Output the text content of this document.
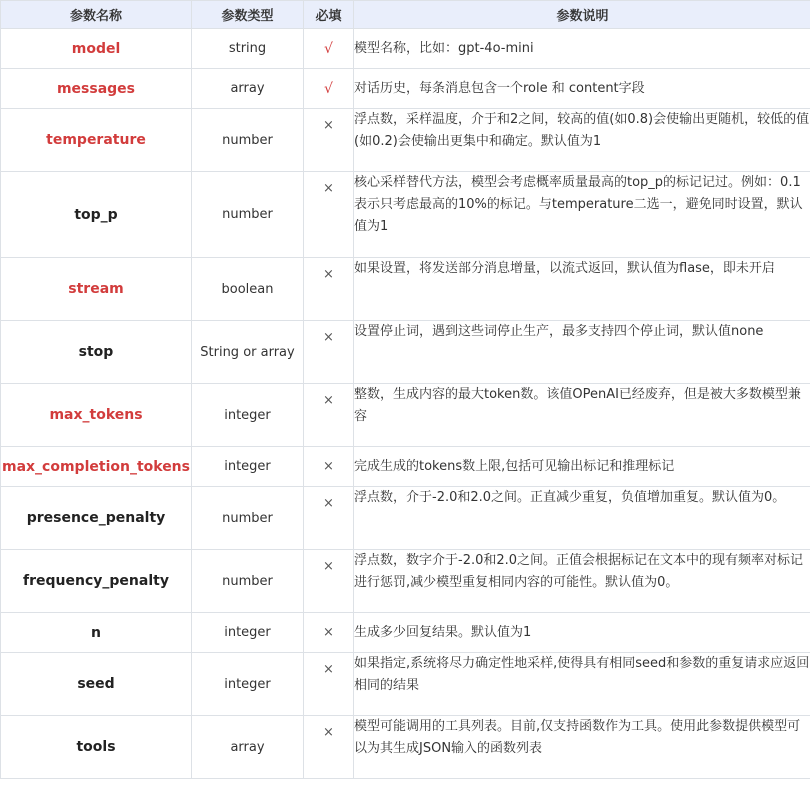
参数名称	参数类型	必填	参数说明
model	string	√	模型名称，比如：gpt-4o-mini
messages	array	√	对话历史，每条消息包含一个role 和 content字段
temperature	number	×	浮点数，采样温度，介于和2之间，较高的值(如0.8)会使输出更随机，较低的值(如0.2)会使输出更集中和确定。默认值为1
top_p	number	×	核心采样替代方法，模型会考虑概率质量最高的top_p的标记记过。例如：0.1表示只考虑最高的10%的标记。与temperature二选一，避免同时设置，默认值为1
stream	boolean	×	如果设置，将发送部分消息增量，以流式返回，默认值为flase，即未开启
stop	String or array	×	设置停止词，遇到这些词停止生产，最多支持四个停止词，默认值none
max_tokens	integer	×	整数，生成内容的最大token数。该值OPenAI已经废弃，但是被大多数模型兼容
max_completion_tokens	integer	×	完成生成的tokens数上限,包括可见输出标记和推理标记
presence_penalty	number	×	浮点数，介于-2.0和2.0之间。正直减少重复，负值增加重复。默认值为0。
frequency_penalty	number	×	浮点数，数字介于-2.0和2.0之间。正值会根据标记在文本中的现有频率对标记进行惩罚,减少模型重复相同内容的可能性。默认值为0。
n	integer	×	生成多少回复结果。默认值为1
seed	integer	×	如果指定,系统将尽力确定性地采样,使得具有相同seed和参数的重复请求应返回相同的结果
tools	array	×	模型可能调用的工具列表。目前,仅支持函数作为工具。使用此参数提供模型可以为其生成JSON输入的函数列表
